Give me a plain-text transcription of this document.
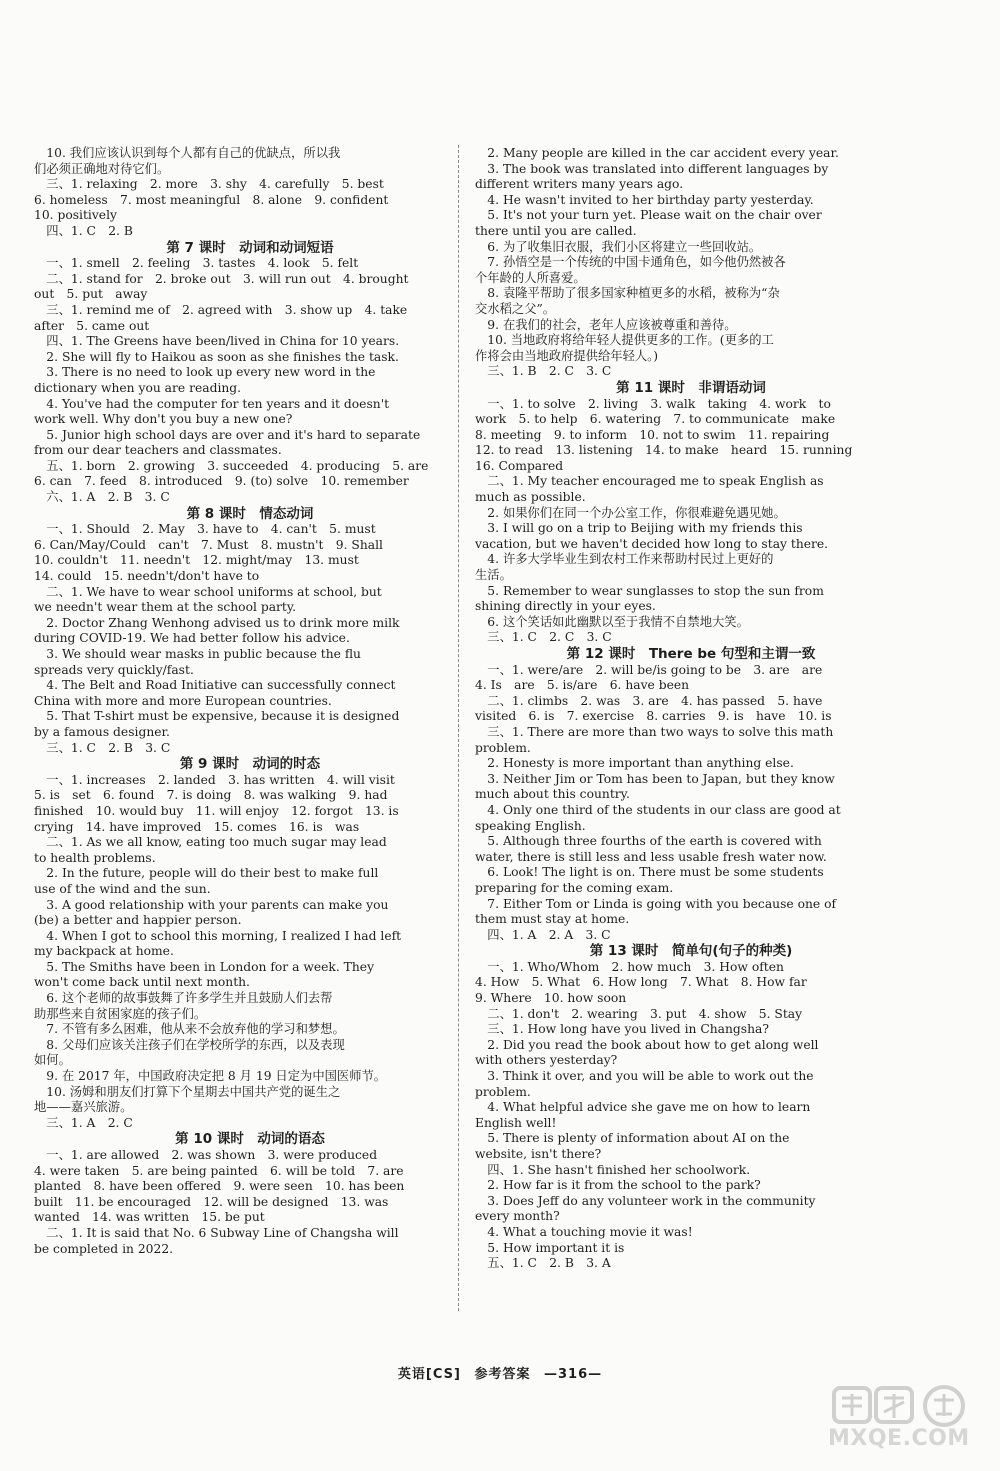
　10. 我们应该认识到每个人都有自己的优缺点，所以我
们必须正确地对待它们。
　三、1. relaxing　2. more　3. shy　4. carefully　5. best
6. homeless　7. most meaningful　8. alone　9. confident
10. positively
　四、1. C　2. B
第 7 课时　动词和动词短语
　一、1. smell　2. feeling　3. tastes　4. look　5. felt
　二、1. stand for　2. broke out　3. will run out　4. brought
out　5. put　away
　三、1. remind me of　2. agreed with　3. show up　4. take
after　5. came out
　四、1. The Greens have been/lived in China for 10 years.
　2. She will fly to Haikou as soon as she finishes the task.
　3. There is no need to look up every new word in the
dictionary when you are reading.
　4. You've had the computer for ten years and it doesn't
work well. Why don't you buy a new one?
　5. Junior high school days are over and it's hard to separate
from our dear teachers and classmates.
　五、1. born　2. growing　3. succeeded　4. producing　5. are
6. can　7. feed　8. introduced　9. (to) solve　10. remember
　六、1. A　2. B　3. C
第 8 课时　情态动词
　一、1. Should　2. May　3. have to　4. can't　5. must
6. Can/May/Could　can't　7. Must　8. mustn't　9. Shall
10. couldn't　11. needn't　12. might/may　13. must
14. could　15. needn't/don't have to
　二、1. We have to wear school uniforms at school, but
we needn't wear them at the school party.
　2. Doctor Zhang Wenhong advised us to drink more milk
during COVID-19. We had better follow his advice.
　3. We should wear masks in public because the flu
spreads very quickly/fast.
　4. The Belt and Road Initiative can successfully connect
China with more and more European countries.
　5. That T-shirt must be expensive, because it is designed
by a famous designer.
　三、1. C　2. B　3. C
第 9 课时　动词的时态
　一、1. increases　2. landed　3. has written　4. will visit
5. is　set　6. found　7. is doing　8. was walking　9. had
finished　10. would buy　11. will enjoy　12. forgot　13. is
crying　14. have improved　15. comes　16. is　was
　二、1. As we all know, eating too much sugar may lead
to health problems.
　2. In the future, people will do their best to make full
use of the wind and the sun.
　3. A good relationship with your parents can make you
(be) a better and happier person.
　4. When I got to school this morning, I realized I had left
my backpack at home.
　5. The Smiths have been in London for a week. They
won't come back until next month.
　6. 这个老师的故事鼓舞了许多学生并且鼓励人们去帮
助那些来自贫困家庭的孩子们。
　7. 不管有多么困难，他从来不会放弃他的学习和梦想。
　8. 父母们应该关注孩子们在学校所学的东西，以及表现
如何。
　9. 在 2017 年，中国政府决定把 8 月 19 日定为中国医师节。
　10. 汤姆和朋友们打算下个星期去中国共产党的诞生之
地——嘉兴旅游。
　三、1. A　2. C
第 10 课时　动词的语态
　一、1. are allowed　2. was shown　3. were produced
4. were taken　5. are being painted　6. will be told　7. are
planted　8. have been offered　9. were seen　10. has been
built　11. be encouraged　12. will be designed　13. was
wanted　14. was written　15. be put
　二、1. It is said that No. 6 Subway Line of Changsha will
be completed in 2022.
　2. Many people are killed in the car accident every year.
　3. The book was translated into different languages by
different writers many years ago.
　4. He wasn't invited to her birthday party yesterday.
　5. It's not your turn yet. Please wait on the chair over
there until you are called.
　6. 为了收集旧衣服，我们小区将建立一些回收站。
　7. 孙悟空是一个传统的中国卡通角色，如今他仍然被各
个年龄的人所喜爱。
　8. 袁隆平帮助了很多国家种植更多的水稻，被称为“杂
交水稻之父”。
　9. 在我们的社会，老年人应该被尊重和善待。
　10. 当地政府将给年轻人提供更多的工作。(更多的工
作将会由当地政府提供给年轻人。)
　三、1. B　2. C　3. C
第 11 课时　非谓语动词
　一、1. to solve　2. living　3. walk　taking　4. work　to
work　5. to help　6. watering　7. to communicate　make
8. meeting　9. to inform　10. not to swim　11. repairing
12. to read　13. listening　14. to make　heard　15. running
16. Compared
　二、1. My teacher encouraged me to speak English as
much as possible.
　2. 如果你们在同一个办公室工作，你很难避免遇见她。
　3. I will go on a trip to Beijing with my friends this
vacation, but we haven't decided how long to stay there.
　4. 许多大学毕业生到农村工作来帮助村民过上更好的
生活。
　5. Remember to wear sunglasses to stop the sun from
shining directly in your eyes.
　6. 这个笑话如此幽默以至于我情不自禁地大笑。
　三、1. C　2. C　3. C
第 12 课时　There be 句型和主谓一致
　一、1. were/are　2. will be/is going to be　3. are　are
4. Is　are　5. is/are　6. have been
　二、1. climbs　2. was　3. are　4. has passed　5. have
visited　6. is　7. exercise　8. carries　9. is　have　10. is
　三、1. There are more than two ways to solve this math
problem.
　2. Honesty is more important than anything else.
　3. Neither Jim or Tom has been to Japan, but they know
much about this country.
　4. Only one third of the students in our class are good at
speaking English.
　5. Although three fourths of the earth is covered with
water, there is still less and less usable fresh water now.
　6. Look! The light is on. There must be some students
preparing for the coming exam.
　7. Either Tom or Linda is going with you because one of
them must stay at home.
　四、1. A　2. A　3. C
第 13 课时　简单句(句子的种类)
　一、1. Who/Whom　2. how much　3. How often
4. How　5. What　6. How long　7. What　8. How far
9. Where　10. how soon
　二、1. don't　2. wearing　3. put　4. show　5. Stay
　三、1. How long have you lived in Changsha?
　2. Did you read the book about how to get along well
with others yesterday?
　3. Think it over, and you will be able to work out the
problem.
　4. What helpful advice she gave me on how to learn
English well!
　5. There is plenty of information about AI on the
website, isn't there?
　四、1. She hasn't finished her schoolwork.
　2. How far is it from the school to the park?
　3. Does Jeff do any volunteer work in the community
every month?
　4. What a touching movie it was!
　5. How important it is
　五、1. C　2. B　3. A
英语[CS] 参考答案 —316—
MXQE.COM
